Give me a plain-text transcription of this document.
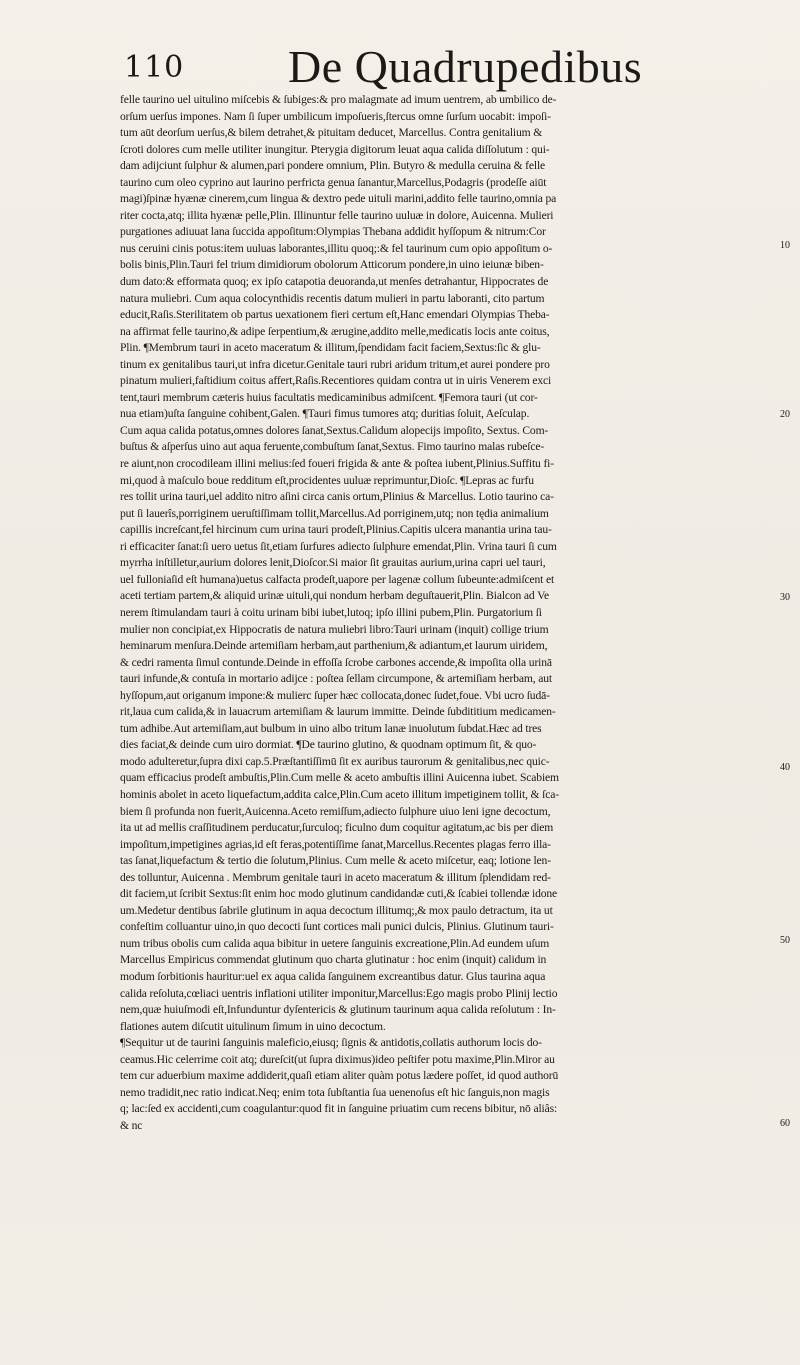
110 De Quadrupedibus
felle taurino uel uitulino miſcebis & ſubiges:& pro malagmate ad imum uentrem, ab umbilico de-
orſum uerſus impones. Nam ſi ſuper umbilicum impoſueris,ſtercus omne ſurſum uocabit: impoſi-
tum aūt deorſum uerſus,& bilem detrahet,& pituitam deducet, Marcellus. Contra genitalium &
ſcroti dolores cum melle utiliter inungitur. Pterygia digitorum leuat aqua calida diſſolutum : qui-
dam adijciunt ſulphur & alumen,pari pondere omnium, Plin. Butyro & medulla ceruina & felle
taurino cum oleo cyprino aut laurino perfricta genua ſanantur,Marcellus,Podagris (prodeſſe aiūt
magi)ſpinæ hyænæ cinerem,cum lingua & dextro pede uituli marini,addito felle taurino,omnia pa
riter cocta,atq; illita hyænæ pelle,Plin. Illinuntur felle taurino uuluæ in dolore, Auicenna. Mulieri
purgationes adiuuat lana ſuccida appoſitum:Olympias Thebana addidit hyſſopum & nitrum:Cor
nus ceruini cinis potus:item uuluas laborantes,illitu quoq;:& fel taurinum cum opio appoſitum o-
bolis binis,Plin.Tauri fel trium dimidiorum obolorum Atticorum pondere,in uino ieiunæ biben-
dum dato:& efformata quoq; ex ipſo catapotia deuoranda,ut menſes detrahantur, Hippocrates de
natura muliebri. Cum aqua colocynthidis recentis datum mulieri in partu laboranti, cito partum
educit,Raſis.Sterilitatem ob partus uexationem fieri certum eſt,Hanc emendari Olympias Theba-
na affirmat felle taurino,& adipe ſerpentium,& ærugine,addito melle,medicatis locis ante coitus,
Plin. ¶Membrum tauri in aceto maceratum & illitum,ſpendidam facit faciem,Sextus:ſic & glu-
tinum ex genitalibus tauri,ut infra dicetur.Genitale tauri rubri aridum tritum,et aurei pondere pro
pinatum mulieri,faſtidium coitus affert,Raſis.Recentiores quidam contra ut in uiris Venerem exci
tent,tauri membrum cæteris huius facultatis medicaminibus admiſcent. ¶Femora tauri (ut cor-
nua etiam)uſta ſanguine cohibent,Galen. ¶Tauri fimus tumores atq; duritias ſoluit, Aeſculap.
Cum aqua calida potatus,omnes dolores ſanat,Sextus.Calidum alopecijs impoſito, Sextus. Com-
buſtus & aſperſus uino aut aqua feruente,combuſtum ſanat,Sextus. Fimo taurino malas rubeſce-
re aiunt,non crocodileam illini melius:ſed foueri frigida & ante & poſtea iubent,Plinius.Suffitu fi-
mi,quod à maſculo boue redditum eſt,procidentes uuluæ reprimuntur,Dioſc. ¶Lepras ac furfu
res tollit urina tauri,uel addito nitro aſini circa canis ortum,Plinius & Marcellus. Lotio taurino ca-
put ſi lauerîs,porriginem ueruſtiſſimam tollit,Marcellus.Ad porriginem,utq; non tędia animalium
capillis increſcant,fel hircinum cum urina tauri prodeſt,Plinius.Capitis ulcera manantia urina tau-
ri efficaciter ſanat:ſi uero uetus ſit,etiam ſurfures adiecto ſulphure emendat,Plin. Vrina tauri ſi cum
myrrha inſtilletur,aurium dolores lenit,Dioſcor.Si maior ſit grauitas aurium,urina capri uel tauri,
uel fulloniaſid eſt humana)uetus calfacta prodeſt,uapore per lagenæ collum ſubeunte:admiſcent et
aceti tertiam partem,& aliquid urinæ uituli,qui nondum herbam deguſtauerit,Plin. Bialcon ad Ve
nerem ſtimulandam tauri à coitu urinam bibi iubet,lutoq; ipſo illini pubem,Plin. Purgatorium ſi
mulier non concipiat,ex Hippocratis de natura muliebri libro:Tauri urinam (inquit) collige trium
heminarum menſura.Deinde artemiſiam herbam,aut parthenium,& adiantum,et laurum uiridem,
& cedri ramenta ſimul contunde.Deinde in effoſſa ſcrobe carbones accende,& impoſita olla urinā
tauri infunde,& contuſa in mortario adijce : poſtea ſellam circumpone, & artemiſiam herbam, aut
hyſſopum,aut origanum impone:& mulierc ſuper hæc collocata,donec ſudet,foue. Vbi ucro ſudā-
rit,laua cum calida,& in lauacrum artemiſiam & laurum immitte. Deinde ſubdititium medicamen-
tum adhibe.Aut artemiſiam,aut bulbum in uino albo tritum lanæ inuolutum ſubdat.Hæc ad tres
dies faciat,& deinde cum uiro dormiat. ¶De taurino glutino, & quodnam optimum ſit, & quo-
modo adulteretur,ſupra dixi cap.5.Præſtantiſſimū ſit ex auribus taurorum & genitalibus,nec quic-
quam efficacius prodeſt ambuſtis,Plin.Cum melle & aceto ambuſtis illini Auicenna iubet. Scabiem
hominis abolet in aceto liquefactum,addita calce,Plin.Cum aceto illitum impetiginem tollit, & ſca-
biem ſi profunda non fuerit,Auicenna.Aceto remiſſum,adiecto ſulphure uiuo leni igne decoctum,
ita ut ad mellis craſſitudinem perducatur,ſurculoq; ficulno dum coquitur agitatum,ac bis per diem
impoſitum,impetigines agrias,id eſt feras,potentiſſime ſanat,Marcellus.Recentes plagas ferro illa-
tas ſanat,liquefactum & tertio die ſolutum,Plinius. Cum melle & aceto miſcetur, eaq; lotione len-
des tolluntur, Auicenna . Membrum genitale tauri in aceto maceratum & illitum ſplendidam red-
dit faciem,ut ſcribit Sextus:ſit enim hoc modo glutinum candidandæ cuti,& ſcabiei tollendæ idone
um.Medetur dentibus ſabrile glutinum in aqua decoctum illitumq;,& mox paulo detractum, ita ut
confeſtim colluantur uino,in quo decocti ſunt cortices mali punici dulcis, Plinius. Glutinum tauri-
num tribus obolis cum calida aqua bibitur in uetere ſanguinis excreatione,Plin.Ad eundem uſum
Marcellus Empiricus commendat glutinum quo charta glutinatur : hoc enim (inquit) calidum in
modum ſorbitionis hauritur:uel ex aqua calida ſanguinem excreantibus datur. Glus taurina aqua
calida reſoluta,cœliaci uentris inflationi utiliter imponitur,Marcellus:Ego magis probo Plinij lectio
nem,quæ huiuſmodi eſt,Infunduntur dyſentericis & glutinum taurinum aqua calida reſolutum : In-
flationes autem diſcutit uitulinum ſimum in uino decoctum.
¶Sequitur ut de taurini ſanguinis maleficio,eiusq; ſignis & antidotis,collatis authorum locis do-
ceamus.Hic celerrime coit atq; dureſcit(ut ſupra diximus)ideo peſtifer potu maxime,Plin.Miror au
tem cur aduerbium maxime addiderit,quaſi etiam aliter quàm potus lædere poſſet, id quod authorū
nemo tradidit,nec ratio indicat.Neq; enim tota ſubſtantia ſua uenenoſus eſt hic ſanguis,non magis
q; lac:ſed ex accidenti,cum coagulantur:quod fit in ſanguine priuatim cum recens bibitur, nō aliâs:
& nc
10
20
30
40
50
60
